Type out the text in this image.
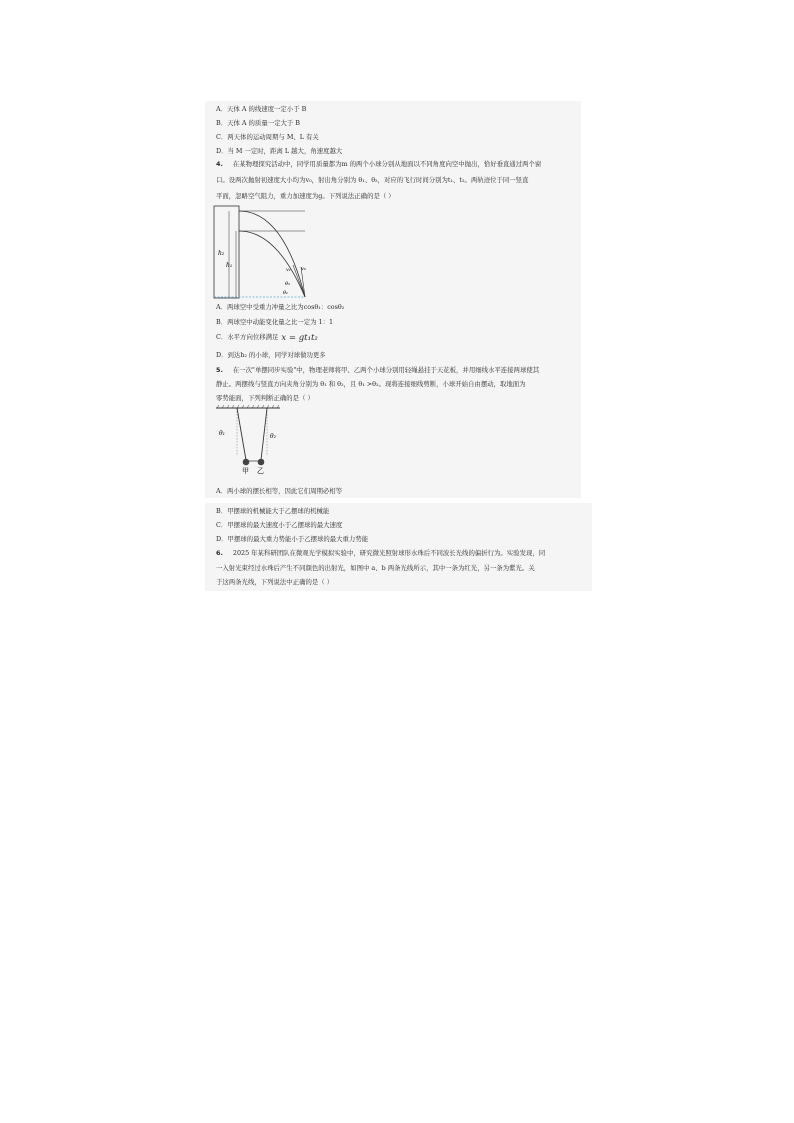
A．天体 A 的线速度一定小于 B
B．天体 A 的质量一定大于 B
C．两天体的运动周期与 M、L 有关
D．当 M 一定时，距离 L 越大，角速度越大
4. 在某物理探究活动中，同学用质量都为m 的两个小球分别从地面以不同角度向空中抛出，恰好垂直通过两个窗
口。设两次抛射初速度大小均为v₀，射出角分别为 θ₁、θ₂，对应的飞行时间分别为t₁、t₂。两轨迹位于同一竖直
平面，忽略空气阻力，重力加速度为g。下列说法正确的是（ ）
h₂
h₁
v₁ v₀
θ₂
θ₁
A．两球空中受重力冲量之比为cosθ₁：cosθ₂
B．两球空中动能变化量之比一定为 1：1
C．水平方向位移满足 x = gt₁t₂
D．到达h₂ 的小球，同学对球做功更多
5. 在一次"单摆同步实验"中，物理老师将甲、乙两个小球分别用轻绳悬挂于天花板，并用细线水平连接两球使其
静止。两摆线与竖直方向夹角分别为 θ₁ 和 θ₂，且 θ₁ >θ₂。现将连接细线剪断，小球开始自由摆动，取地面为
零势能面，下列判断正确的是（ ）
θ₁	θ₂
甲 乙
A．两小球的摆长相等，因此它们周期必相等
B．甲摆球的机械能大于乙摆球的机械能
C．甲摆球的最大速度小于乙摆球的最大速度
D．甲摆球的最大重力势能小于乙摆球的最大重力势能
6. 2025 年某科研团队在微观光学模拟实验中，研究微光照射球形水珠后不同波长光线的偏折行为。实验发现，同
一入射光束经过水珠后产生不同颜色的出射光，如图中 a、b 两条光线所示，其中一条为红光，另一条为紫光。关
于这两条光线，下列说法中正确的是（ ）
